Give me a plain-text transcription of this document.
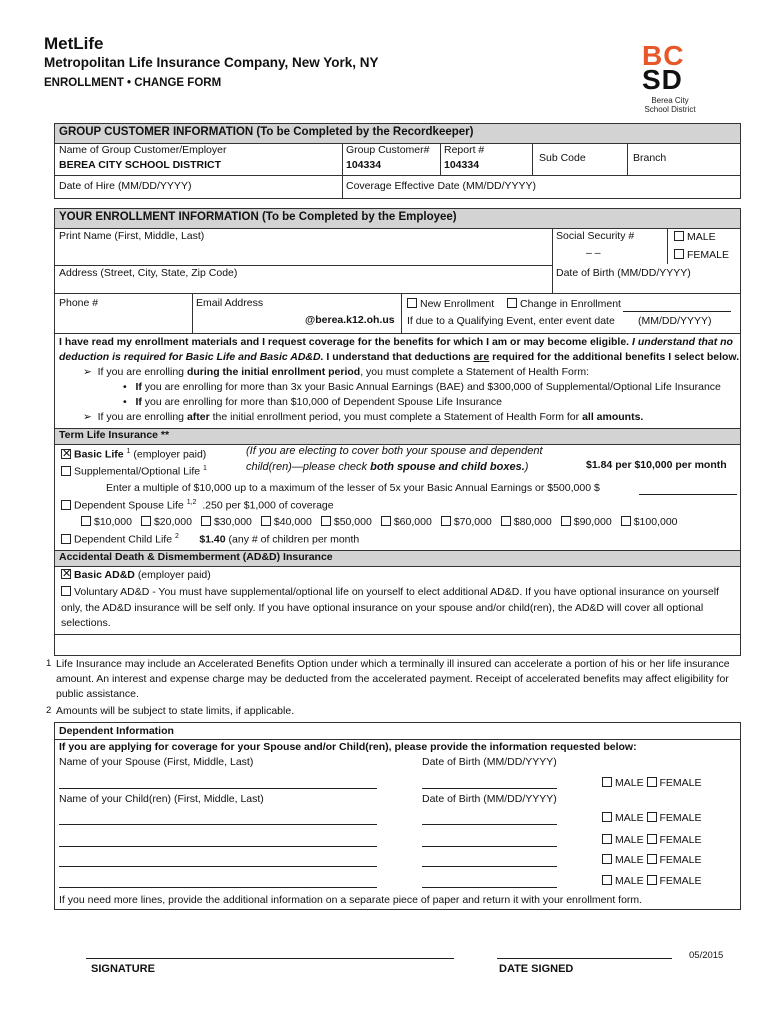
MetLife
Metropolitan Life Insurance Company, New York, NY
ENROLLMENT • CHANGE FORM
BC
SD
Berea City
School District
GROUP CUSTOMER INFORMATION (To be Completed by the Recordkeeper)
Name of Group Customer/Employer
BEREA CITY SCHOOL DISTRICT
Group Customer#
104334
Report #
104334
Sub Code	Branch
Date of Hire (MM/DD/YYYY)	Coverage Effective Date (MM/DD/YYYY)
YOUR ENROLLMENT INFORMATION (To be Completed by the Employee)
Print Name (First, Middle, Last)	Social Security #
– –
MALE
FEMALE
Address (Street, City, State, Zip Code)	Date of Birth (MM/DD/YYYY)
Phone #	Email Address
@berea.k12.oh.us
New Enrollment	Change in Enrollment
If due to a Qualifying Event, enter event date (MM/DD/YYYY)
I have read my enrollment materials and I request coverage for the benefits for which I am or may become eligible. I understand that no
deduction is required for Basic Life and Basic AD&D. I understand that deductions are required for the additional benefits I select below.
➢  If you are enrolling during the initial enrollment period, you must complete a Statement of Health Form:
•   If you are enrolling for more than 3x your Basic Annual Earnings (BAE) and $300,000 of Supplemental/Optional Life Insurance
•   If you are enrolling for more than $10,000 of Dependent Spouse Life Insurance
➢  If you are enrolling after the initial enrollment period, you must complete a Statement of Health Form for all amounts.
Term Life Insurance **
✕Basic Life $^1$ (employer paid)
Supplemental/Optional Life $^1$
(If you are electing to cover both your spouse and dependent
child(ren)—please check both spouse and child boxes.)	$1.84 per $10,000 per month
Enter a multiple of $10,000 up to a maximum of the lesser of 5x your Basic Annual Earnings or $500,000 $
Dependent Spouse Life $^{1,2}$ .250 per $1,000 of coverage
$10,000 $20,000 $30,000 $40,000 $50,000 $60,000 $70,000 $80,000 $90,000 $100,000
Dependent Child Life $^2$ $1.40 (any # of children per month
Accidental Death & Dismemberment (AD&D) Insurance
✕Basic AD&D (employer paid)
Voluntary AD&D - You must have supplemental/optional life on yourself to elect additional AD&D. If you have optional insurance on yourself
only, the AD&D insurance will be self only. If you have optional insurance on your spouse and/or child(ren), the AD&D will cover all optional
selections.
1 Life Insurance may include an Accelerated Benefits Option under which a terminally ill insured can accelerate a portion of his or her life insurance
amount. An interest and expense charge may be deducted from the accelerated payment. Receipt of accelerated benefits may affect eligibility for
public assistance.
2 Amounts will be subject to state limits, if applicable.
Dependent Information
If you are applying for coverage for your Spouse and/or Child(ren), please provide the information requested below:
Name of your Spouse (First, Middle, Last)	Date of Birth (MM/DD/YYYY)
MALE FEMALE
Name of your Child(ren) (First, Middle, Last)	Date of Birth (MM/DD/YYYY)
MALE FEMALE
MALE FEMALE
MALE FEMALE
MALE FEMALE
If you need more lines, provide the additional information on a separate piece of paper and return it with your enrollment form.
SIGNATURE	DATE SIGNED
05/2015
